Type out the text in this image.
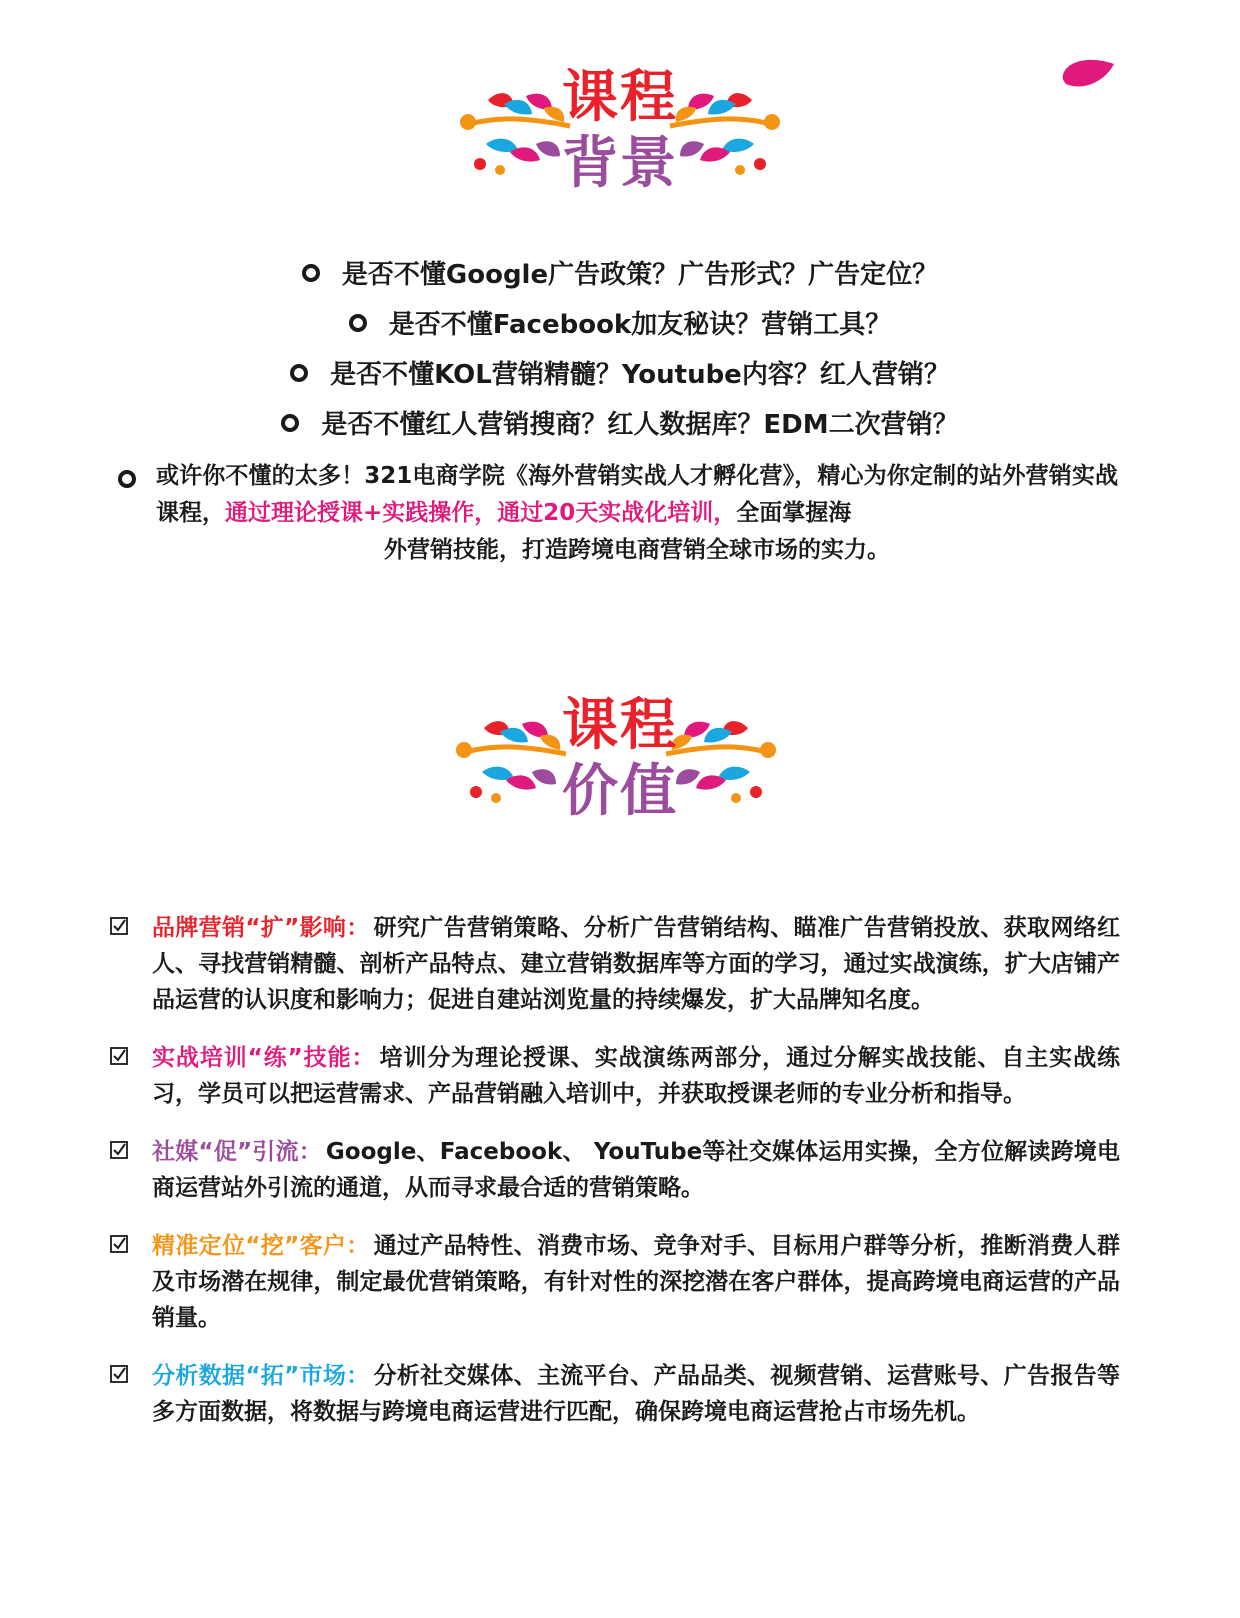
课程
背景
是否不懂Google广告政策？广告形式？广告定位？
是否不懂Facebook加友秘诀？营销工具？
是否不懂KOL营销精髓？Youtube内容？红人营销？
是否不懂红人营销搜商？红人数据库？EDM二次营销？
或许你不懂的太多！321电商学院《海外营销实战人才孵化营》，精心为你定制的站外营销实战课程，通过理论授课+实践操作，通过20天实战化培训，全面掌握海
外营销技能，打造跨境电商营销全球市场的实力。
课程
价值
品牌营销“扩”影响： 研究广告营销策略、分析广告营销结构、瞄准广告营销投放、获取网络红人、寻找营销精髓、剖析产品特点、建立营销数据库等方面的学习，通过实战演练，扩大店铺产品运营的认识度和影响力；促进自建站浏览量的持续爆发，扩大品牌知名度。
实战培训“练”技能： 培训分为理论授课、实战演练两部分，通过分解实战技能、自主实战练习，学员可以把运营需求、产品营销融入培训中，并获取授课老师的专业分析和指导。
社媒“促”引流： Google、Facebook、 YouTube等社交媒体运用实操，全方位解读跨境电商运营站外引流的通道，从而寻求最合适的营销策略。
精准定位“挖”客户： 通过产品特性、消费市场、竞争对手、目标用户群等分析，推断消费人群及市场潜在规律，制定最优营销策略，有针对性的深挖潜在客户群体，提高跨境电商运营的产品销量。
分析数据“拓”市场： 分析社交媒体、主流平台、产品品类、视频营销、运营账号、广告报告等多方面数据，将数据与跨境电商运营进行匹配，确保跨境电商运营抢占市场先机。
